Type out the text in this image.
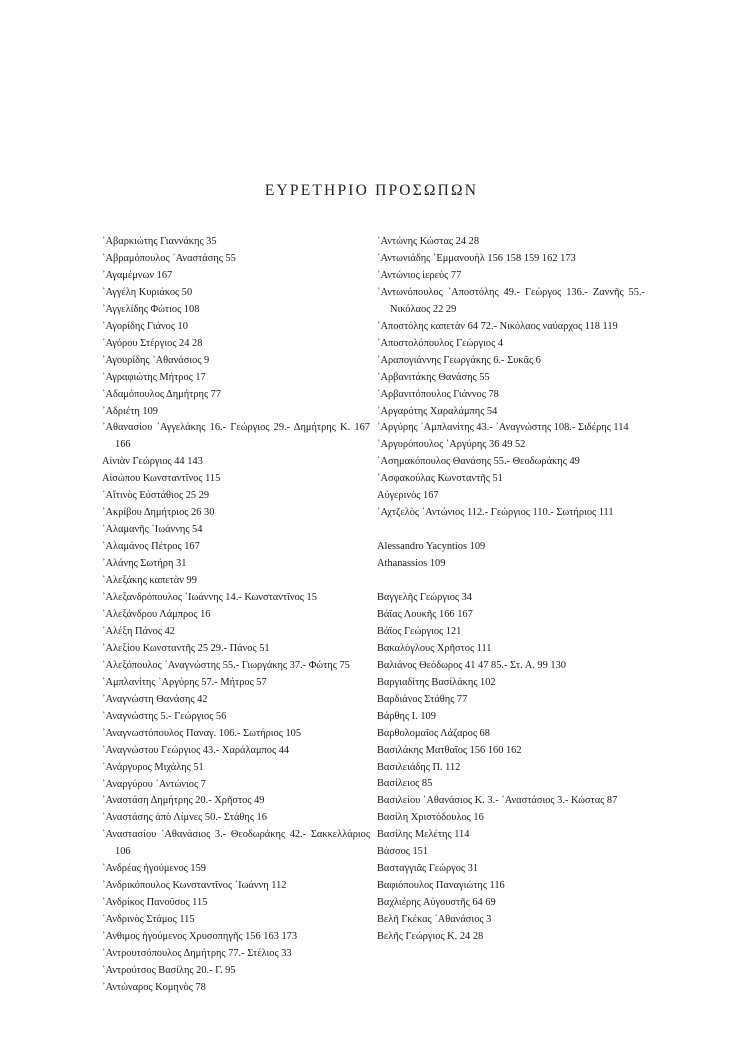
ΕΥΡΕΤΗΡΙΟ ΠΡΟΣΩΠΩΝ
᾽Αβαρκιώτης Γιαννάκης 35
᾽Αβραμόπουλος ᾽Αναστάσης 55
᾽Αγαμέμνων 167
᾽Αγγέλη Κυριάκος 50
᾽Αγγελίδης Φώτιος 108
᾽Αγορίδης Γιάνος 10
᾽Αγόρου Στέργιος 24 28
᾽Αγουρίδης ᾽Αθανάσιος 9
᾽Αγραφιώτης Μήτρος 17
᾽Αδαμόπουλος Δημήτρης 77
᾽Αδριέτη 109
᾽Αθανασίου ᾽Αγγελάκης 16.- Γεώργιος 29.- Δημήτρης Κ. 167 166
Αἰνιὰν Γεώργιος 44 143
Αἰσώπου Κωνσταντῖνος 115
᾽Αἴτινὸς Εὐστάθιος 25 29
᾽Ακρίβου Δημήτριος 26 30
᾽Αλαμανῆς ᾽Ιωάννης 54
᾽Αλαμάνος Πέτρος 167
᾽Αλάνης Σωτήρη 31
᾽Αλεξάκης καπετὰν 99
᾽Αλεξανδρόπουλος ᾽Ιωάννης 14.- Κωνσταντῖνος 15
᾽Αλεξάνδρου Λάμπρος 16
᾽Αλέξη Πάνος 42
᾽Αλεξίου Κωνσταντῆς 25 29.- Πάνος 51
᾽Αλεξόπουλος ᾽Αναγνώστης 55.- Γιωργάκης 37.- Φώτης 75
᾽Αμπλανίτης ᾽Αργύρης 57.- Μήτρος 57
᾽Αναγνώστη Θανάσης 42
᾽Αναγνώστης 5.- Γεώργιος 56
᾽Αναγνωστόπουλος Παναγ. 106.- Σωτήριος 105
᾽Αναγνώστου Γεώργιος 43.- Χαράλαμπος 44
᾽Ανάργυρος Μιχάλης 51
᾽Αναργύρου ᾽Αντώνιος 7
᾽Αναστάση Δημήτρης 20.- Χρῆστος 49
᾽Αναστάσης ἀπὸ Λίμνες 50.- Στάθης 16
᾽Αναστασίου ᾽Αθανάσιος 3.- Θεοδωράκης 42.- Σακκελλάριος 106
᾽Ανδρέας ἡγούμενος 159
᾽Ανδρικόπουλος Κωνσταντῖνος ᾽Ιωάννη 112
᾽Ανδρίκος Πανοῦσος 115
᾽Ανδρινὸς Στάμος 115
᾽Ανθιμος ἡγούμενος Χρυσοπηγῆς 156 163 173
᾽Αντρουτσόπουλος Δημήτρης 77.- Στέλιος 33
᾽Αντρούτσος Βασίλης 20.- Γ. 95
᾽Αντώναρος Κομηνὸς 78
᾽Αντώνης Κώστας 24 28
᾽Αντωνιάδης ᾽Εμμανουὴλ 156 158 159 162 173
᾽Αντώνιος ἱερεὺς 77
᾽Αντωνόπουλος ᾽Αποστόλης 49.- Γεώργος 136.- Ζαννῆς 55.- Νικόλαος 22 29
᾽Αποστόλης καπετὰν 64 72.- Νικόλαος ναύαρχος 118 119
᾽Αποστολόπουλος Γεώργιος 4
᾽Αραπογιάννης Γεωργάκης 6.- Συκᾶς 6
᾽Αρβανιτάκης Θανάσης 55
᾽Αρβανιτόπουλος Γιάννος 78
᾽Αργαρότης Χαραλάμπης 54
᾽Αργύρης ᾽Αμπλανίτης 43.- ᾽Αναγνώστης 108.- Σιδέρης 114
᾽Αργυρόπουλος ᾽Αργύρης 36 49 52
᾽Ασημακόπουλος Θανάσης 55.- Θεοδωράκης 49
᾽Ασφακούλας Κωνσταντῆς 51
Αὐγερινὸς 167
᾽Αχτζελὸς ᾽Αντώνιος 112.- Γεώργιος 110.- Σωτήριος 111
Alessandro Yacyntios 109
Athanassios 109
Βαγγελῆς Γεώργιος 34
Βάϊας Λουκῆς 166 167
Βάϊος Γεώργιος 121
Βακαλόγλους Χρῆστος 111
Βαλιάνος Θεόδωρος 41 47 85.- Στ. Α. 99 130
Βαργιαδίτης Βασίλάκης 102
Βαρδιάνος Στάθης 77
Βάρθης Ι. 109
Βαρθολομαῖος Λάζαρος 68
Βασιλάκης Ματθαῖος 156 160 162
Βασιλειάδης Π. 112
Βασίλειος 85
Βασιλείου ᾽Αθανάσιος Κ. 3.- ᾽Αναστάσιος 3.- Κώστας 87
Βασίλη Χριστόδουλος 16
Βασίλης Μελέτης 114
Βάσσος 151
Βασταγγιᾶς Γεώργος 31
Βαφιόπουλος Παναγιώτης 116
Βαχλιέρης Αὐγουστῆς 64 69
Βελῆ Γκέκας ᾽Αθανάσιος 3
Βελῆς Γεώργιος Κ. 24 28
